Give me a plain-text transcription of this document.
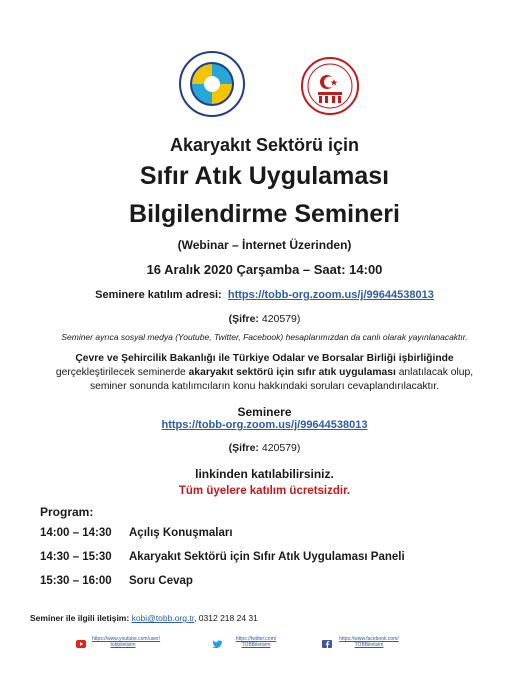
Akaryakıt Sektörü için
Sıfır Atık Uygulaması
Bilgilendirme Semineri
(Webinar – İnternet Üzerinden)
16 Aralık 2020 Çarşamba – Saat: 14:00
Seminere katılım adresi: https://tobb-org.zoom.us/j/99644538013
(Şifre: 420579)
Seminer ayrıca sosyal medya (Youtube, Twitter, Facebook) hesaplarımızdan da canlı olarak yayınlanacaktır.
Çevre ve Şehircilik Bakanlığı ile Türkiye Odalar ve Borsalar Birliği işbirliğinde
gerçekleştirilecek seminerde akaryakıt sektörü için sıfır atık uygulaması anlatılacak olup,
seminer sonunda katılımcıların konu hakkındaki soruları cevaplandırılacaktır.
Seminere
https://tobb-org.zoom.us/j/99644538013
(Şifre: 420579)
linkinden katılabilirsiniz.
Tüm üyelere katılım ücretsizdir.
Program:
14:00 – 14:30 Açılış Konuşmaları
14:30 – 15:30 Akaryakıt Sektörü için Sıfır Atık Uygulaması Paneli
15:30 – 16:00 Soru Cevap
Seminer ile ilgili iletişim: kobi@tobb.org.tr, 0312 218 24 31
https://www.youtube.com/user/ tobbiletisim
https://twitter.com/ TOBBiletisim
https://www.facebook.com/ TOBBiletisim
